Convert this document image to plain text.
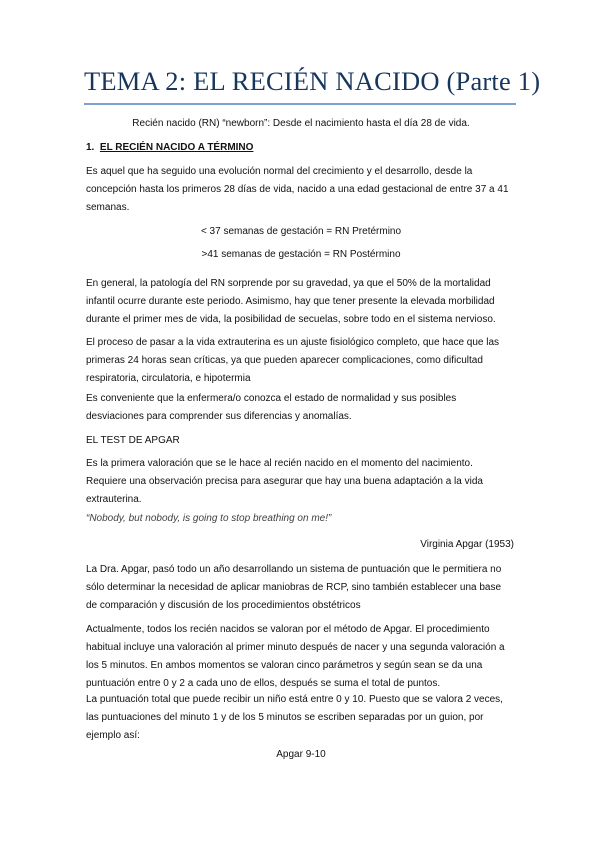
TEMA 2: EL RECIÉN NACIDO (Parte 1)
Recién nacido (RN) “newborn”: Desde el nacimiento hasta el día 28 de vida.
1. EL RECIÉN NACIDO A TÉRMINO
Es aquel que ha seguido una evolución normal del crecimiento y el desarrollo, desde la
concepción hasta los primeros 28 días de vida, nacido a una edad gestacional de entre 37 a 41
semanas.
< 37 semanas de gestación = RN Pretérmino
>41 semanas de gestación = RN Postérmino
En general, la patología del RN sorprende por su gravedad, ya que el 50% de la mortalidad
infantil ocurre durante este periodo. Asimismo, hay que tener presente la elevada morbilidad
durante el primer mes de vida, la posibilidad de secuelas, sobre todo en el sistema nervioso.
El proceso de pasar a la vida extrauterina es un ajuste fisiológico completo, que hace que las
primeras 24 horas sean críticas, ya que pueden aparecer complicaciones, como dificultad
respiratoria, circulatoria, e hipotermia
Es conveniente que la enfermera/o conozca el estado de normalidad y sus posibles
desviaciones para comprender sus diferencias y anomalías.
EL TEST DE APGAR
Es la primera valoración que se le hace al recién nacido en el momento del nacimiento.
Requiere una observación precisa para asegurar que hay una buena adaptación a la vida
extrauterina.
“Nobody, but nobody, is going to stop breathing on me!”
Virginia Apgar (1953)
La Dra. Apgar, pasó todo un año desarrollando un sistema de puntuación que le permitiera no
sólo determinar la necesidad de aplicar maniobras de RCP, sino también establecer una base
de comparación y discusión de los procedimientos obstétricos
Actualmente, todos los recién nacidos se valoran por el método de Apgar. El procedimiento
habitual incluye una valoración al primer minuto después de nacer y una segunda valoración a
los 5 minutos. En ambos momentos se valoran cinco parámetros y según sean se da una
puntuación entre 0 y 2 a cada uno de ellos, después se suma el total de puntos.
La puntuación total que puede recibir un niño está entre 0 y 10. Puesto que se valora 2 veces,
las puntuaciones del minuto 1 y de los 5 minutos se escriben separadas por un guion, por
ejemplo así:
Apgar 9-10
